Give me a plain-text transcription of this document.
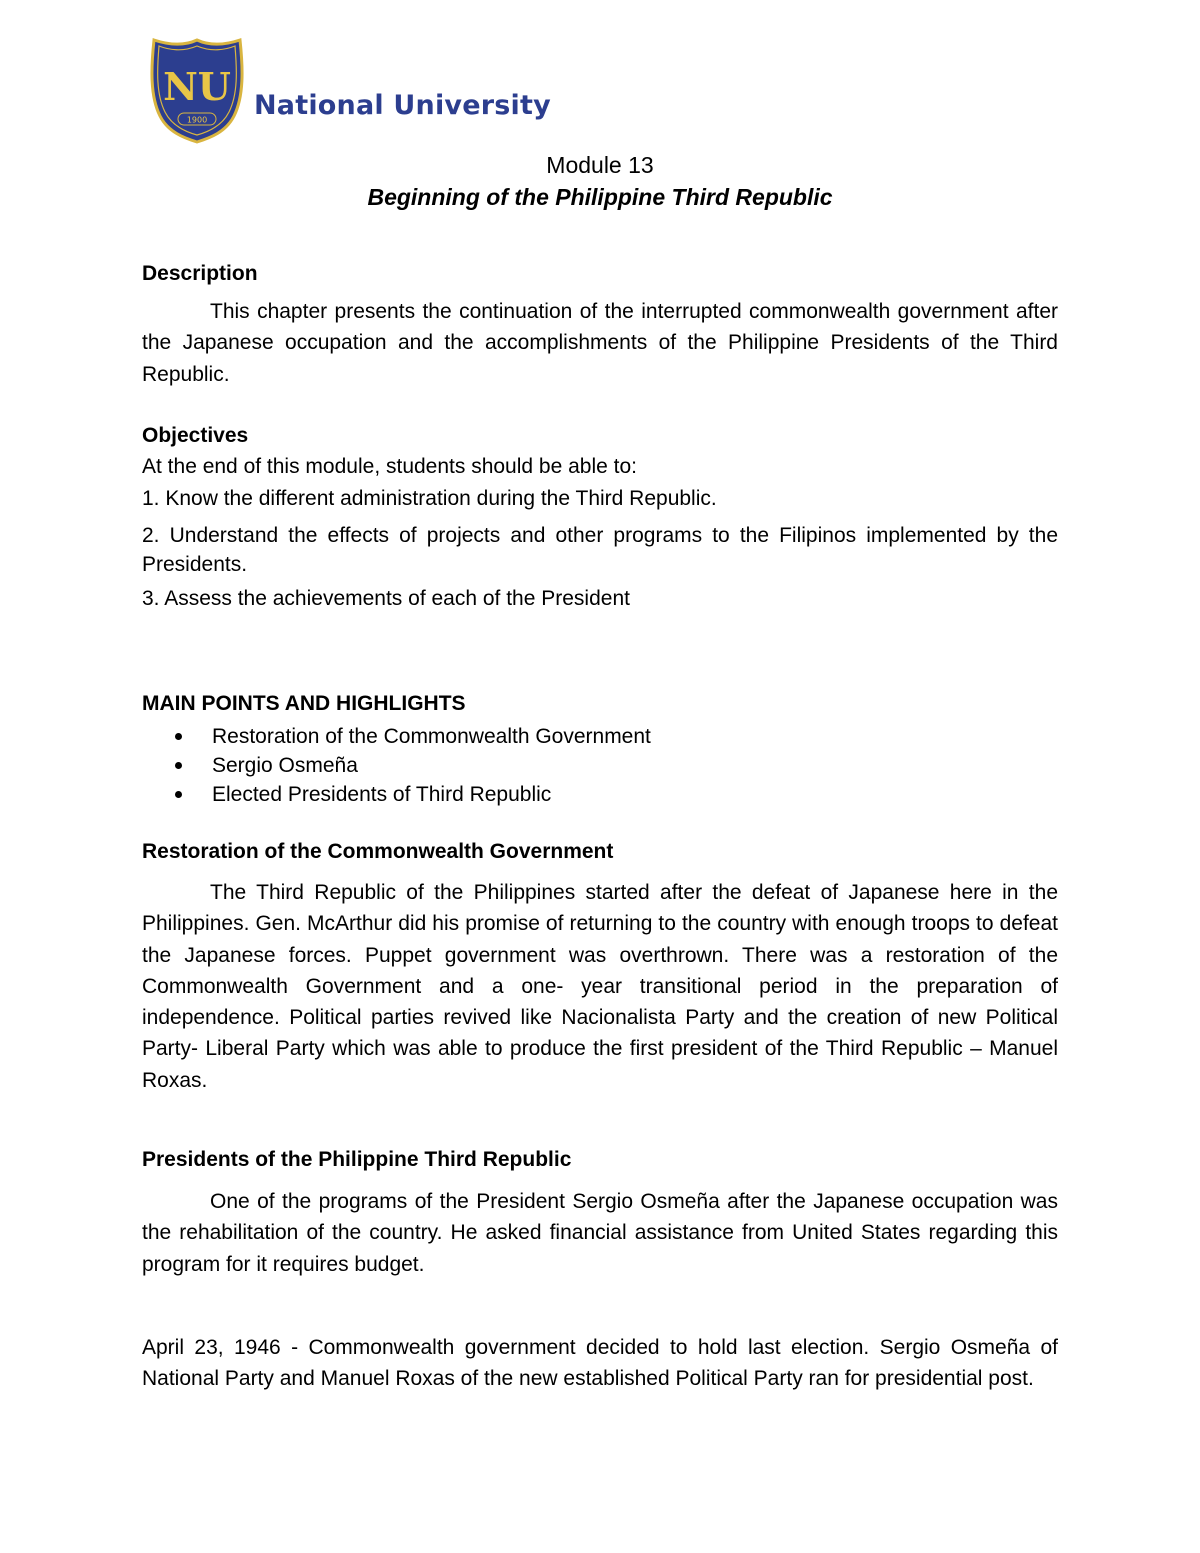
NU
1900 National University
Module 13
Beginning of the Philippine Third Republic
Description
This chapter presents the continuation of the interrupted commonwealth government after the Japanese occupation and the accomplishments of the Philippine Presidents of the Third Republic.
Objectives
At the end of this module, students should be able to:
1. Know the different administration during the Third Republic.
2. Understand the effects of projects and other programs to the Filipinos implemented by the Presidents.
3. Assess the achievements of each of the President
MAIN POINTS AND HIGHLIGHTS
Restoration of the Commonwealth Government
Sergio Osmeña
Elected Presidents of Third Republic
Restoration of the Commonwealth Government
The Third Republic of the Philippines started after the defeat of Japanese here in the Philippines. Gen. McArthur did his promise of returning to the country with enough troops to defeat the Japanese forces. Puppet government was overthrown. There was a restoration of the Commonwealth Government and a one- year transitional period in the preparation of independence. Political parties revived like Nacionalista Party and the creation of new Political Party- Liberal Party which was able to produce the first president of the Third Republic – Manuel Roxas.
Presidents of the Philippine Third Republic
One of the programs of the President Sergio Osmeña after the Japanese occupation was the rehabilitation of the country. He asked financial assistance from United States regarding this program for it requires budget.
April 23, 1946 - Commonwealth government decided to hold last election. Sergio Osmeña of National Party and Manuel Roxas of the new established Political Party ran for presidential post.
